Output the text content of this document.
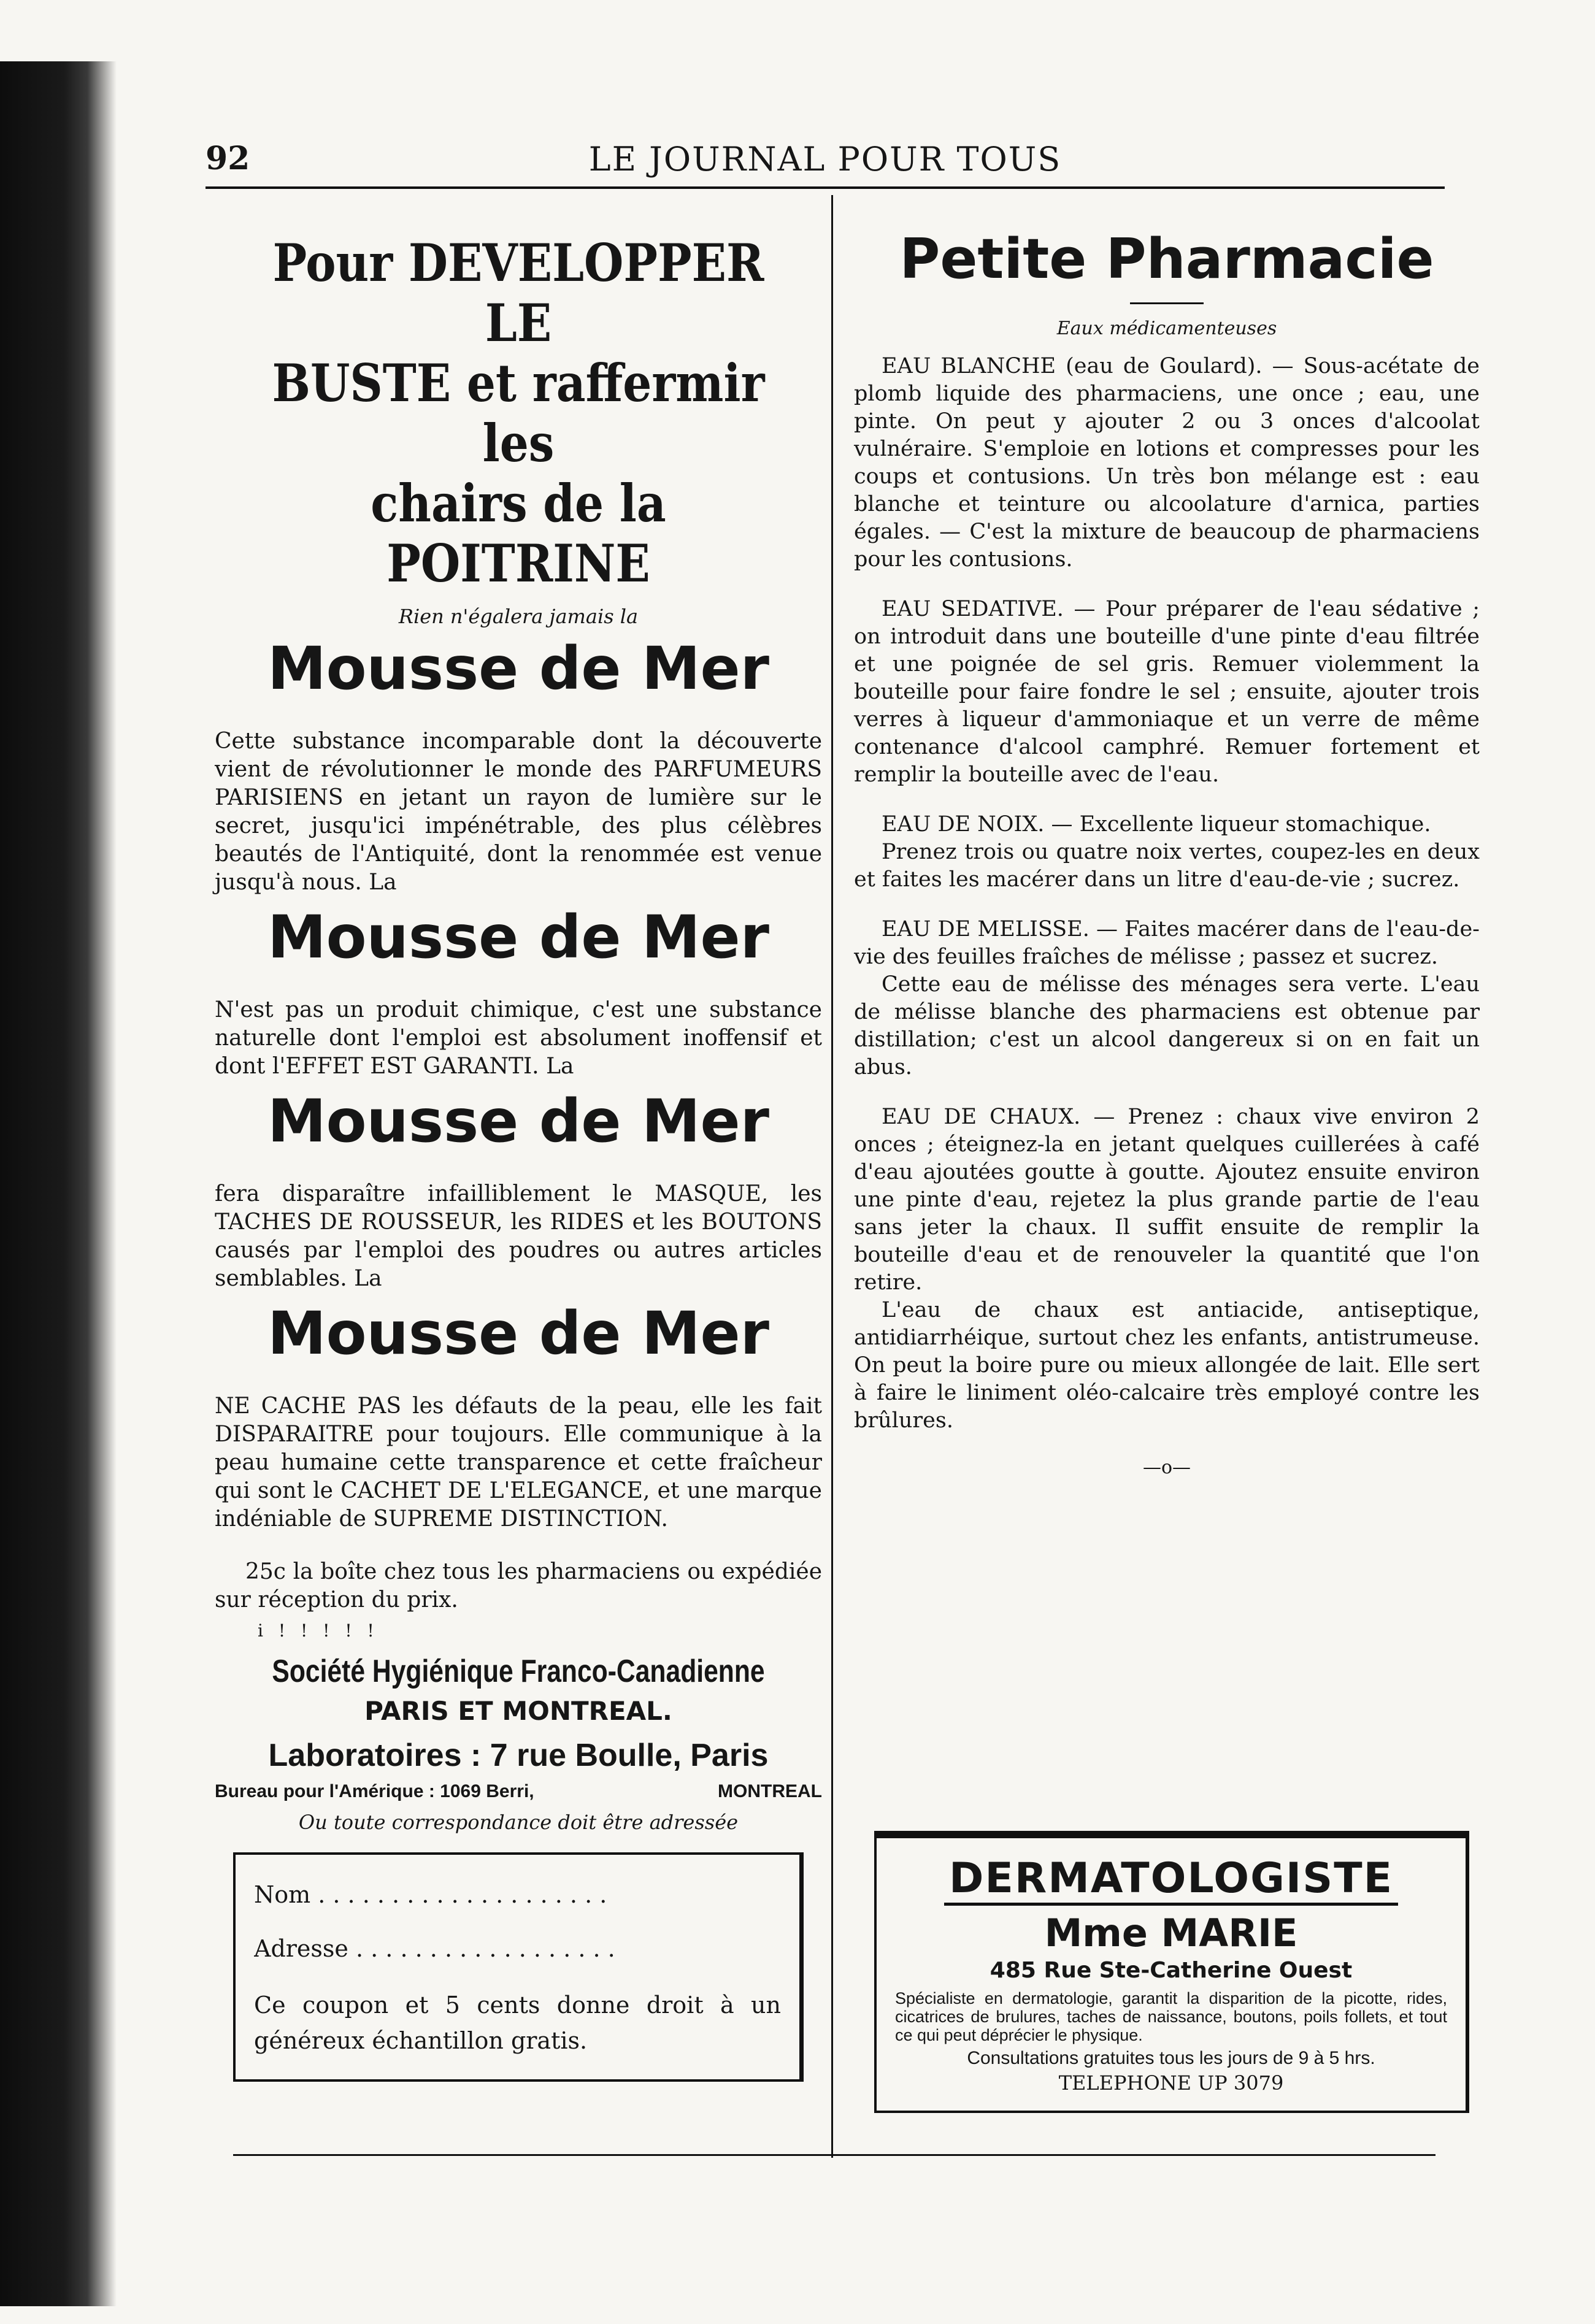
92	LE JOURNAL POUR TOUS
Pour DEVELOPPER LE
BUSTE et raffermir les
chairs de la POITRINE
Rien n'égalera jamais la
Mousse de Mer

Cette substance incomparable dont la découverte vient de révolutionner le monde des PARFUMEURS PARISIENS en jetant un rayon de lumière sur le secret, jusqu'ici impénétrable, des plus célèbres beautés de l'Antiquité, dont la renommée est venue jusqu'à nous. La

Mousse de Mer

N'est pas un produit chimique, c'est une substance naturelle dont l'emploi est absolument inoffensif et dont l'EFFET EST GARANTI. La

Mousse de Mer

fera disparaître infailliblement le MASQUE, les TACHES DE ROUSSEUR, les RIDES et les BOUTONS causés par l'emploi des poudres ou autres articles semblables. La

Mousse de Mer

NE CACHE PAS les défauts de la peau, elle les fait DISPARAITRE pour toujours. Elle communique à la peau humaine cette transparence et cette fraîcheur qui sont le CACHET DE L'ELEGANCE, et une marque indéniable de SUPREME DISTINCTION.

25c la boîte chez tous les pharmaciens ou expédiée sur réception du prix.

i ! ! ! ! !
Société Hygiénique Franco-Canadienne
PARIS ET MONTREAL.
Laboratoires : 7 rue Boulle, Paris
Bureau pour l'Amérique : 1069 Berri,	MONTREAL
Ou toute correspondance doit être adressée
Nom . . . . . . . . . . . . . . . . . . . .
Adresse . . . . . . . . . . . . . . . . . .
Ce coupon et 5 cents donne droit à un généreux échantillon gratis.
Petite Pharmacie
Eaux médicamenteuses

EAU BLANCHE (eau de Goulard). — Sous-acétate de plomb liquide des pharmaciens, une once ; eau, une pinte. On peut y ajouter 2 ou 3 onces d'alcoolat vulnéraire. S'emploie en lotions et compresses pour les coups et contusions. Un très bon mélange est : eau blanche et teinture ou alcoolature d'arnica, parties égales. — C'est la mixture de beaucoup de pharmaciens pour les contusions.

EAU SEDATIVE. — Pour préparer de l'eau sédative ; on introduit dans une bouteille d'une pinte d'eau filtrée et une poignée de sel gris. Remuer violemment la bouteille pour faire fondre le sel ; ensuite, ajouter trois verres à liqueur d'ammoniaque et un verre de même contenance d'alcool camphré. Remuer fortement et remplir la bouteille avec de l'eau.

EAU DE NOIX. — Excellente liqueur stomachique.

Prenez trois ou quatre noix vertes, coupez-les en deux et faites les macérer dans un litre d'eau-de-vie ; sucrez.

EAU DE MELISSE. — Faites macérer dans de l'eau-de-vie des feuilles fraîches de mélisse ; passez et sucrez.

Cette eau de mélisse des ménages sera verte. L'eau de mélisse blanche des pharmaciens est obtenue par distillation; c'est un alcool dangereux si on en fait un abus.

EAU DE CHAUX. — Prenez : chaux vive environ 2 onces ; éteignez-la en jetant quelques cuillerées à café d'eau ajoutées goutte à goutte. Ajoutez ensuite environ une pinte d'eau, rejetez la plus grande partie de l'eau sans jeter la chaux. Il suffit ensuite de remplir la bouteille d'eau et de renouveler la quantité que l'on retire.

L'eau de chaux est antiacide, antiseptique, antidiarrhéique, surtout chez les enfants, antistrumeuse. On peut la boire pure ou mieux allongée de lait. Elle sert à faire le liniment oléo-calcaire très employé contre les brûlures.

—o—
DERMATOLOGISTE
Mme MARIE
485 Rue Ste-Catherine Ouest

Spécialiste en dermatologie, garantit la disparition de la picotte, rides, cicatrices de brulures, taches de naissance, boutons, poils follets, et tout ce qui peut déprécier le physique.

Consultations gratuites tous les jours de 9 à 5 hrs.
TELEPHONE UP 3079
